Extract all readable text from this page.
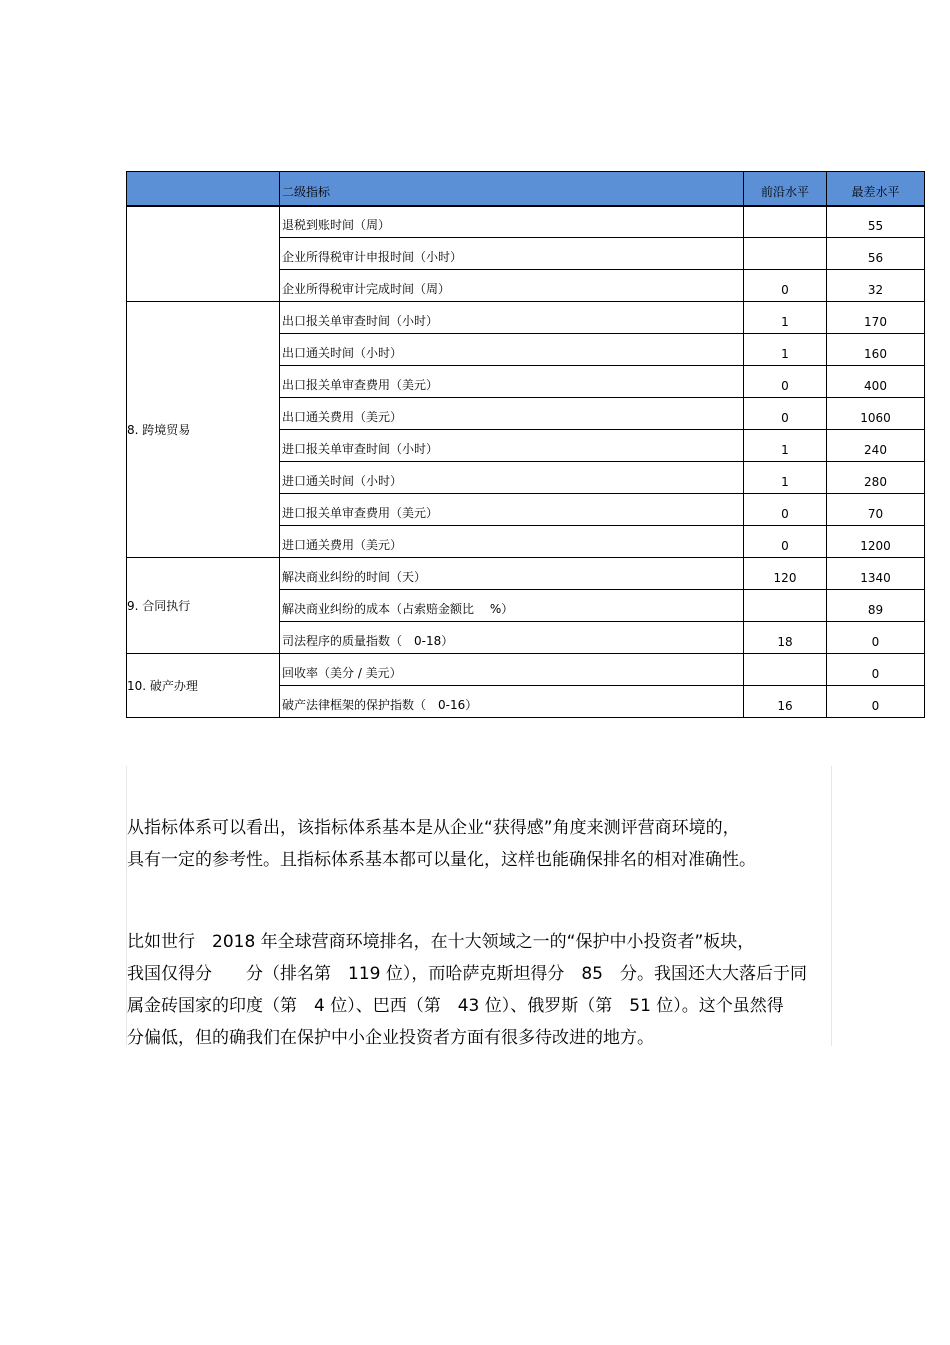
	二级指标	前沿水平	最差水平
	退税到账时间（周）		55
	企业所得税审计申报时间（小时）		56
	企业所得税审计完成时间（周）	0	32
8. 跨境贸易	出口报关单审查时间（小时）	1	170
	出口通关时间（小时）	1	160
	出口报关单审查费用（美元）	0	400
	出口通关费用（美元）	0	1060
	进口报关单审查时间（小时）	1	240
	进口通关时间（小时）	1	280
	进口报关单审查费用（美元）	0	70
	进口通关费用（美元）	0	1200
9. 合同执行	解决商业纠纷的时间（天）	120	1340
	解决商业纠纷的成本（占索赔金额比　 %）		89
	司法程序的质量指数（　0-18）	18	0
10. 破产办理	回收率（美分 / 美元）		0
	破产法律框架的保护指数（　0-16）	16	0
从指标体系可以看出，该指标体系基本是从企业“获得感”角度来测评营商环境的，
具有一定的参考性。且指标体系基本都可以量化，这样也能确保排名的相对准确性。
比如世行　2018 年全球营商环境排名，在十大领域之一的“保护中小投资者”板块，
我国仅得分　　分（排名第　119 位），而哈萨克斯坦得分　85　分。我国还大大落后于同
属金砖国家的印度（第　4 位）、巴西（第　43 位）、俄罗斯（第　51 位）。这个虽然得
分偏低，但的确我们在保护中小企业投资者方面有很多待改进的地方。
